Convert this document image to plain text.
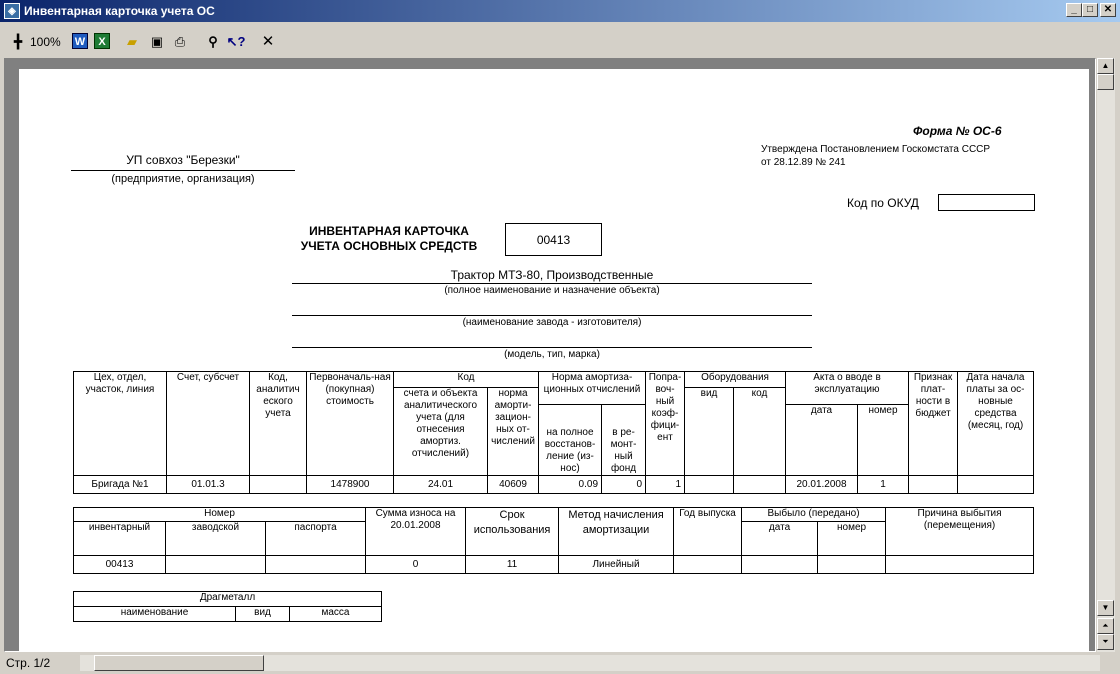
◈ Инвентарная карточка учета ОС	_	□	✕
╋ 100% W	X	▰ ▣ ⎙	⚲ ↖? ✕
Форма № ОС-6
Утверждена Постановлением Госкомстата СССР
от 28.12.89 № 241
УП совхоз "Березки"
(предприятие, организация)
Код по ОКУД
ИНВЕНТАРНАЯ КАРТОЧКА
УЧЕТА ОСНОВНЫХ СРЕДСТВ	00413
Трактор МТЗ-80, Производственные
(полное наименование и назначение объекта)
(наименование завода - изготовителя)
(модель, тип, марка)
Цех, отдел, участок, линия	Счет, субсчет	Код, аналитич еского учета	Первоначаль-ная (покупная) стоимость	Код		Норма амортиза-ционных отчислений		Попра-воч-ный коэф-фици-ент	Оборудования		Акта о вводе в эксплуатацию		Признак плат-ности в бюджет	Дата начала платы за ос-новные средства (месяц, год)
				счета и объекта аналитического учета (для отнесения амортиз. отчислений)	норма аморти-зацион-ных от-числений				вид	код				
						на полное восстанов-ление (из-нос)	в ре-монт-ный фонд				дата	номер		
Бригада №1	01.01.3		1478900	24.01	40609	0.09	0	1			20.01.2008	1		
Номер			Сумма износа на 20.01.2008	Срок использования	Метод начисления амортизации	Год выпуска	Выбыло (передано)		Причина выбытия (перемещения)
инвентарный	заводской	паспорта					дата	номер	
00413			0	11	Линейный				
Драгметалл
наименование	вид	масса
▲
▼
⏶
⏷
Стр. 1/2
